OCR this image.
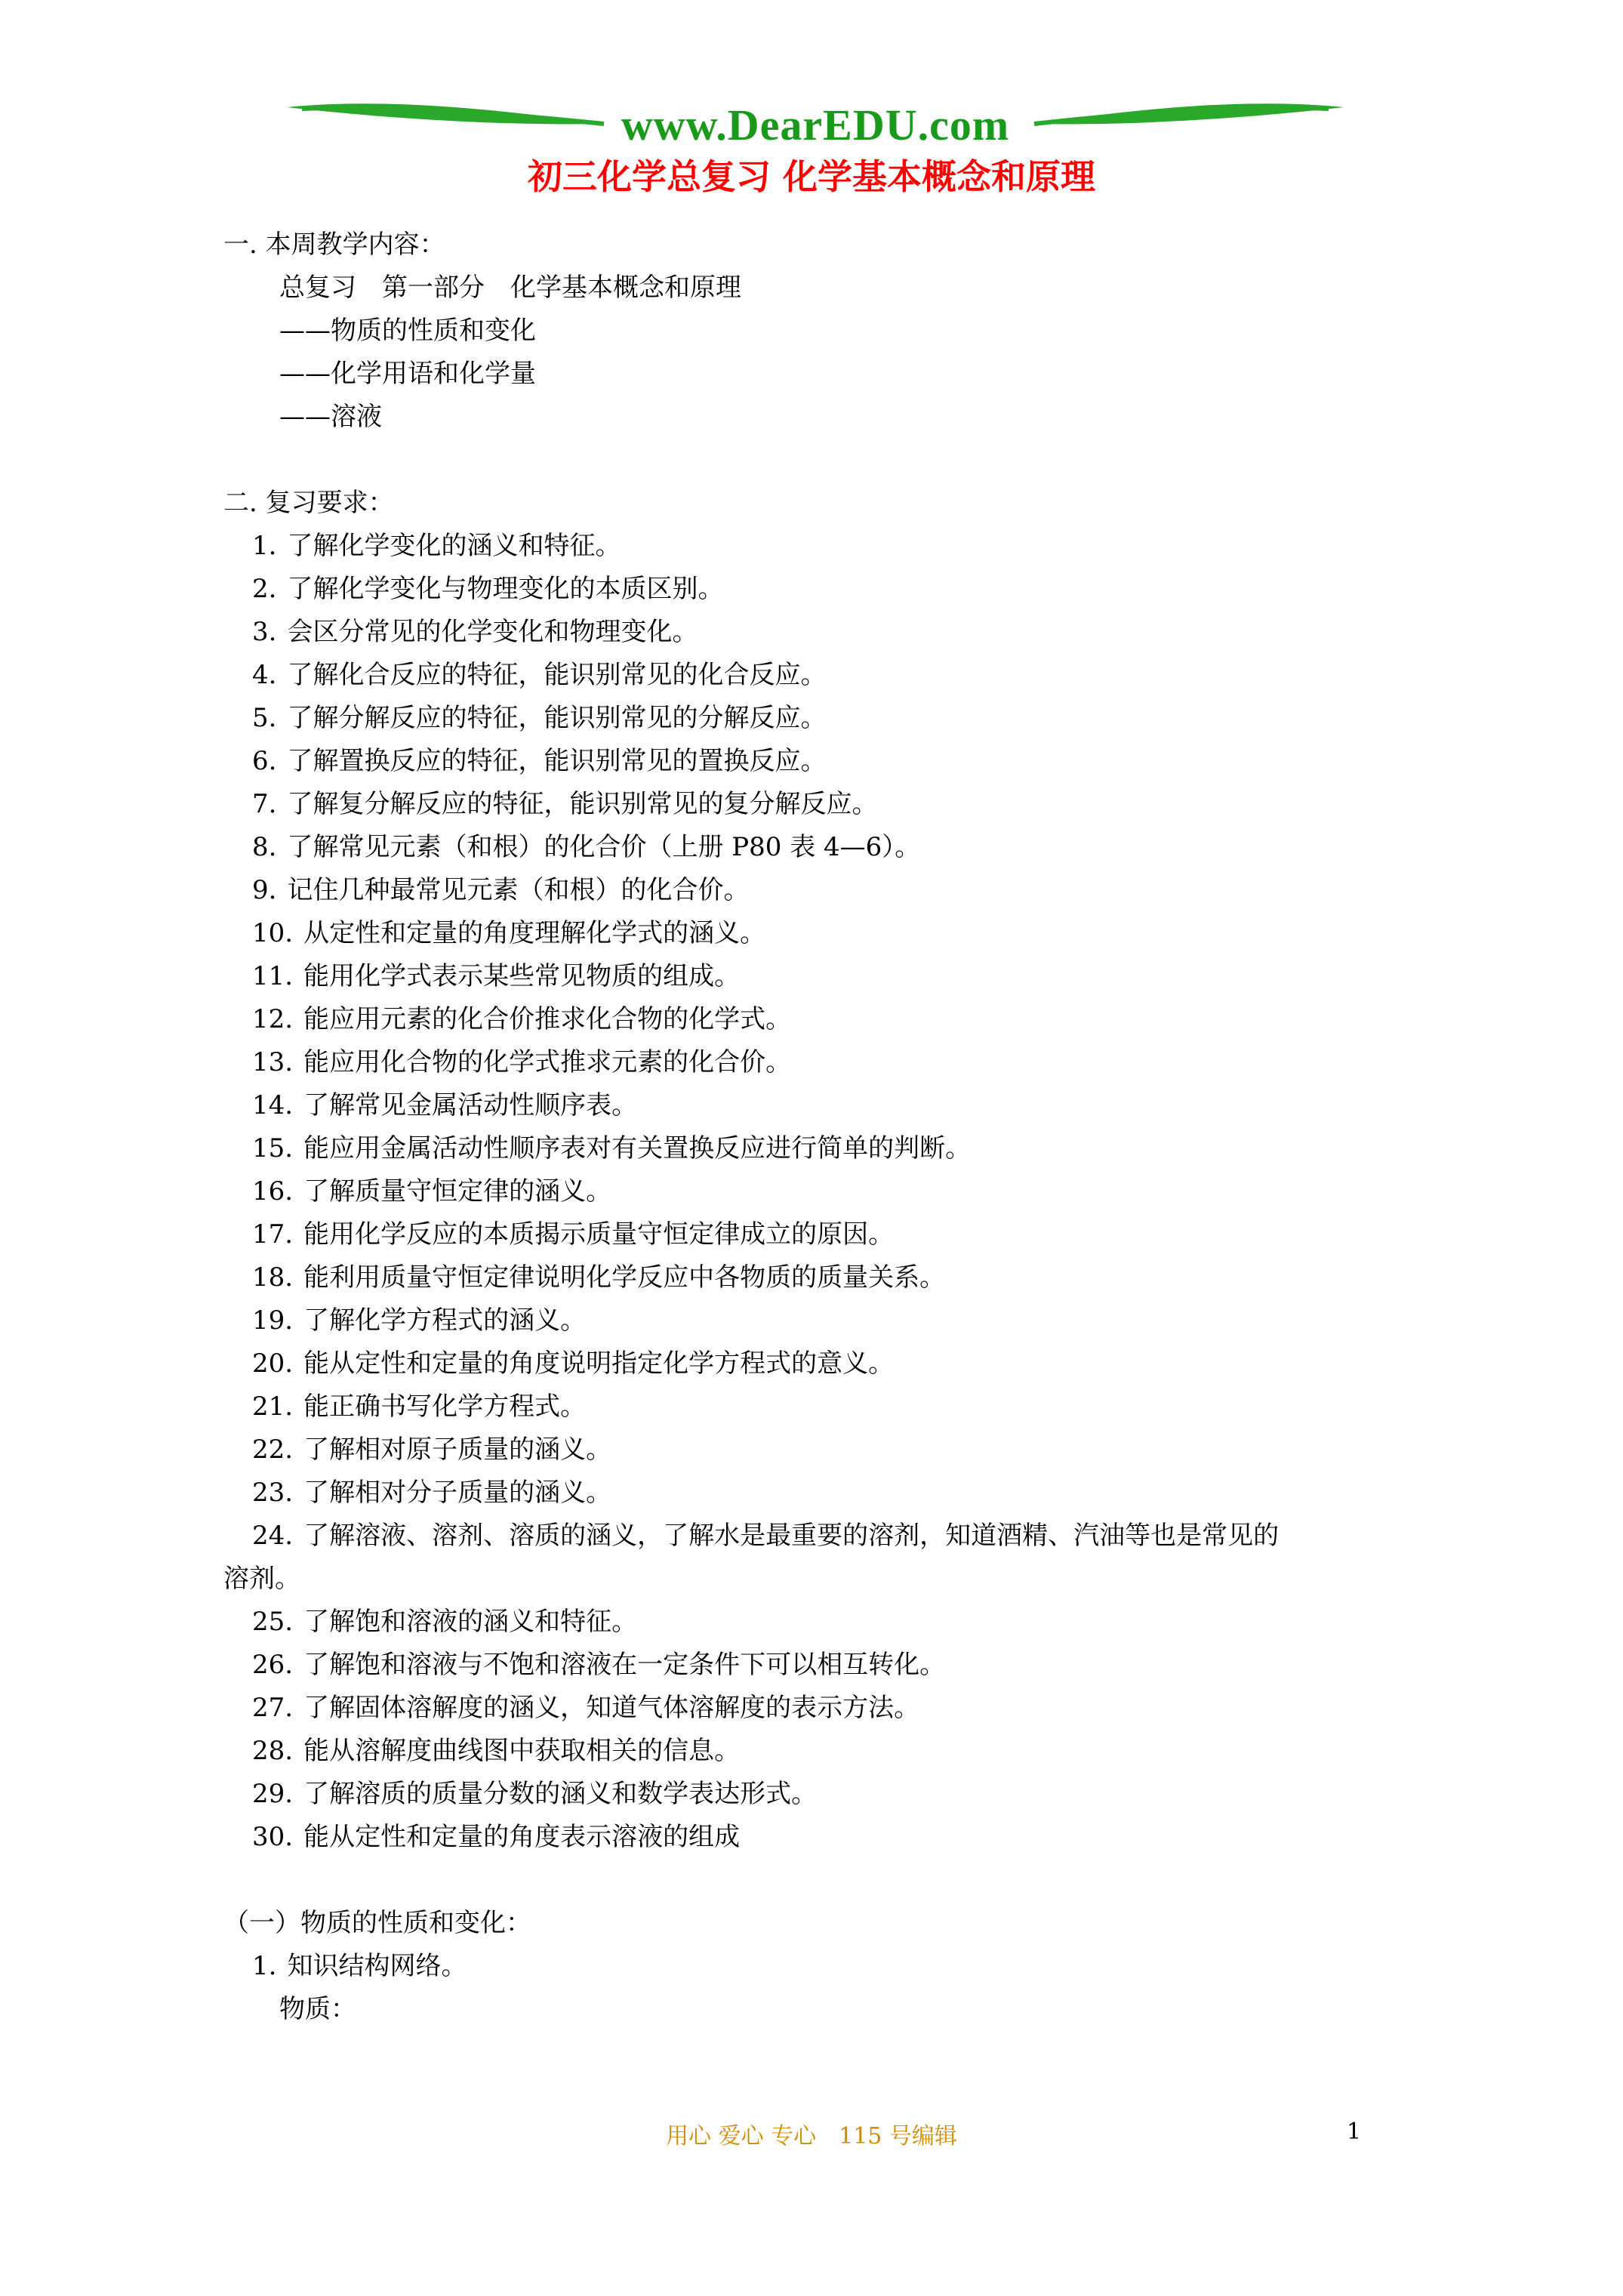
www.DearEDU.com
初三化学总复习 化学基本概念和原理
一. 本周教学内容：
总复习　第一部分　化学基本概念和原理
——物质的性质和变化
——化学用语和化学量
——溶液
二. 复习要求：
1. 了解化学变化的涵义和特征。
2. 了解化学变化与物理变化的本质区别。
3. 会区分常见的化学变化和物理变化。
4. 了解化合反应的特征，能识别常见的化合反应。
5. 了解分解反应的特征，能识别常见的分解反应。
6. 了解置换反应的特征，能识别常见的置换反应。
7. 了解复分解反应的特征，能识别常见的复分解反应。
8. 了解常见元素（和根）的化合价（上册 P80 表 4—6）。
9. 记住几种最常见元素（和根）的化合价。
10. 从定性和定量的角度理解化学式的涵义。
11. 能用化学式表示某些常见物质的组成。
12. 能应用元素的化合价推求化合物的化学式。
13. 能应用化合物的化学式推求元素的化合价。
14. 了解常见金属活动性顺序表。
15. 能应用金属活动性顺序表对有关置换反应进行简单的判断。
16. 了解质量守恒定律的涵义。
17. 能用化学反应的本质揭示质量守恒定律成立的原因。
18. 能利用质量守恒定律说明化学反应中各物质的质量关系。
19. 了解化学方程式的涵义。
20. 能从定性和定量的角度说明指定化学方程式的意义。
21. 能正确书写化学方程式。
22. 了解相对原子质量的涵义。
23. 了解相对分子质量的涵义。
24. 了解溶液、溶剂、溶质的涵义，了解水是最重要的溶剂，知道酒精、汽油等也是常见的
溶剂。
25. 了解饱和溶液的涵义和特征。
26. 了解饱和溶液与不饱和溶液在一定条件下可以相互转化。
27. 了解固体溶解度的涵义，知道气体溶解度的表示方法。
28. 能从溶解度曲线图中获取相关的信息。
29. 了解溶质的质量分数的涵义和数学表达形式。
30. 能从定性和定量的角度表示溶液的组成
（一）物质的性质和变化：
1. 知识结构网络。
物质：
用心 爱心 专心　115 号编辑	1
